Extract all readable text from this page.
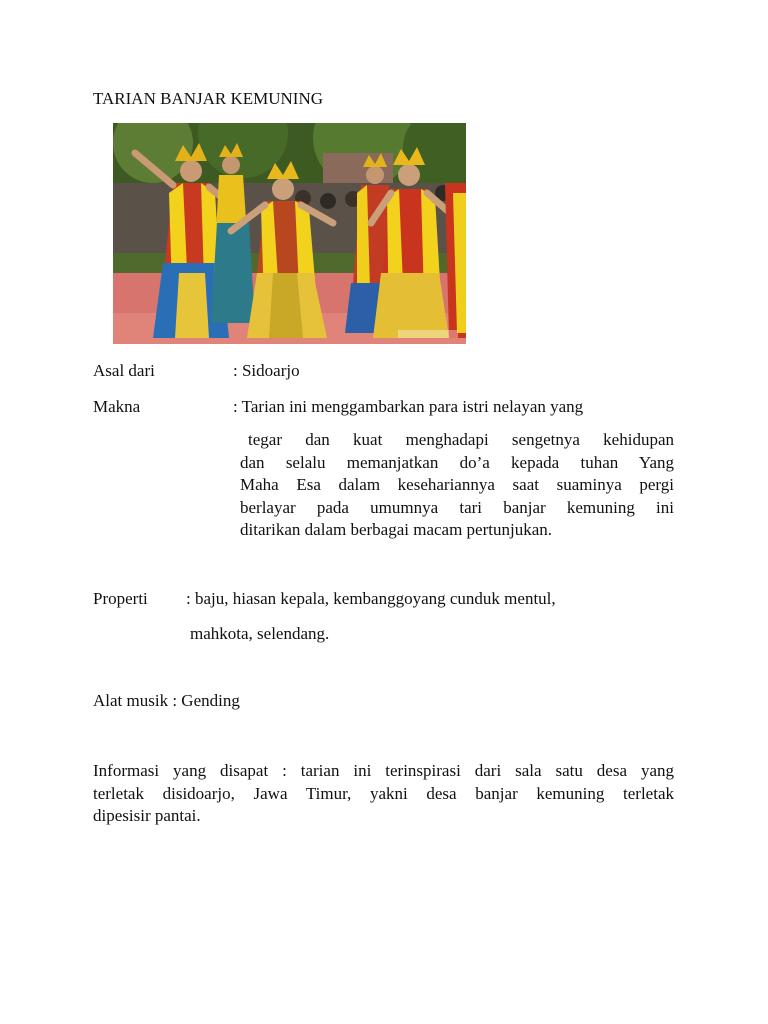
TARIAN BANJAR KEMUNING
Asal dari	: Sidoarjo
Makna	: Tarian ini menggambarkan para istri nelayan yang
tegar dan kuat menghadapi sengetnya kehidupan
dan selalu memanjatkan do’a kepada tuhan Yang
Maha Esa dalam kesehariannya saat suaminya pergi
berlayar pada umumnya tari banjar kemuning ini
ditarikan dalam berbagai macam pertunjukan.
Properti : baju, hiasan kepala, kembanggoyang cunduk mentul,
mahkota, selendang.
Alat musik : Gending
Informasi yang disapat : tarian ini terinspirasi dari sala satu desa yang
terletak disidoarjo, Jawa Timur, yakni desa banjar kemuning terletak
dipesisir pantai.
